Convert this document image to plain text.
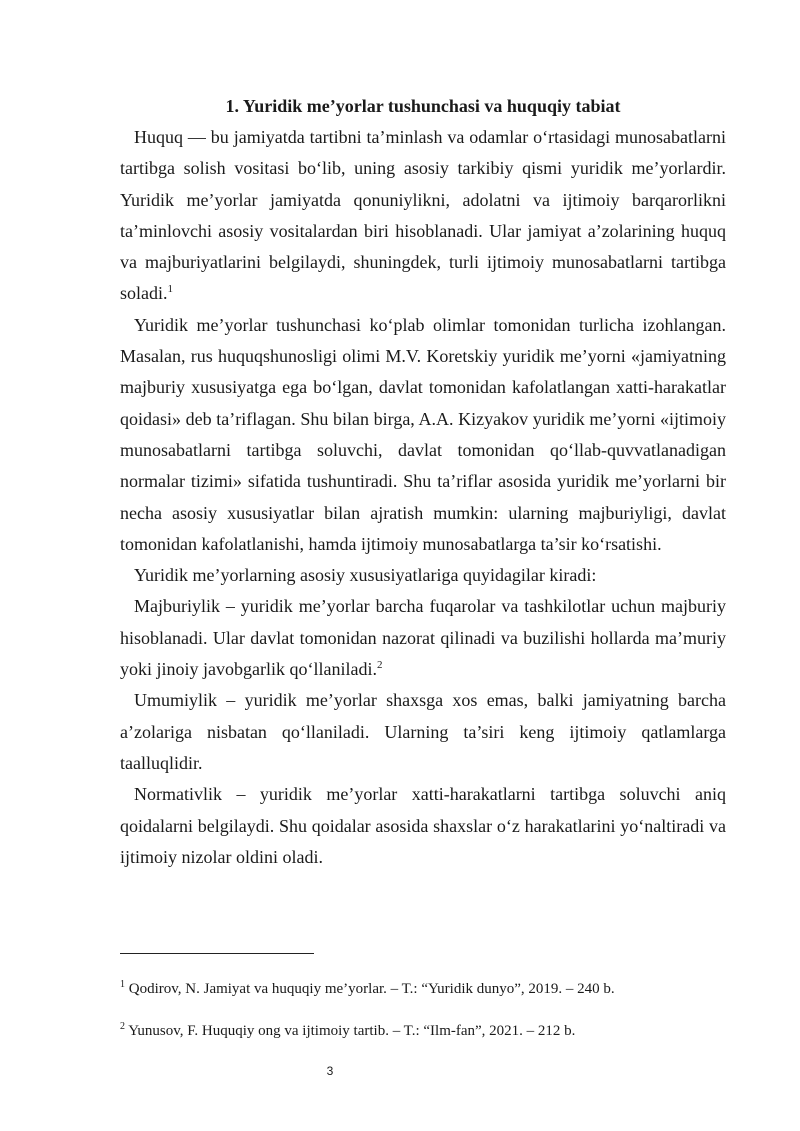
1. Yuridik me’yorlar tushunchasi va huquqiy tabiat

Huquq — bu jamiyatda tartibni ta’minlash va odamlar o‘rtasidagi munosabatlarni tartibga solish vositasi bo‘lib, uning asosiy tarkibiy qismi yuridik me’yorlardir. Yuridik me’yorlar jamiyatda qonuniylikni, adolatni va ijtimoiy barqarorlikni ta’minlovchi asosiy vositalardan biri hisoblanadi. Ular jamiyat a’zolarining huquq va majburiyatlarini belgilaydi, shuningdek, turli ijtimoiy munosabatlarni tartibga soladi.$^1$

Yuridik me’yorlar tushunchasi ko‘plab olimlar tomonidan turlicha izohlangan. Masalan, rus huquqshunosligi olimi M.V. Koretskiy yuridik me’yorni «jamiyatning majburiy xususiyatga ega bo‘lgan, davlat tomonidan kafolatlangan xatti-harakatlar qoidasi» deb ta’riflagan. Shu bilan birga, A.A. Kizyakov yuridik me’yorni «ijtimoiy munosabatlarni tartibga soluvchi, davlat tomonidan qo‘llab-quvvatlanadigan normalar tizimi» sifatida tushuntiradi. Shu ta’riflar asosida yuridik me’yorlarni bir necha asosiy xususiyatlar bilan ajratish mumkin: ularning majburiyligi, davlat tomonidan kafolatlanishi, hamda ijtimoiy munosabatlarga ta’sir ko‘rsatishi.

Yuridik me’yorlarning asosiy xususiyatlariga quyidagilar kiradi:

Majburiylik – yuridik me’yorlar barcha fuqarolar va tashkilotlar uchun majburiy hisoblanadi. Ular davlat tomonidan nazorat qilinadi va buzilishi hollarda ma’muriy yoki jinoiy javobgarlik qo‘llaniladi.$^2$

Umumiylik – yuridik me’yorlar shaxsga xos emas, balki jamiyatning barcha a’zolariga nisbatan qo‘llaniladi. Ularning ta’siri keng ijtimoiy qatlamlarga taalluqlidir.

Normativlik – yuridik me’yorlar xatti-harakatlarni tartibga soluvchi aniq qoidalarni belgilaydi. Shu qoidalar asosida shaxslar o‘z harakatlarini yo‘naltiradi va ijtimoiy nizolar oldini oladi.

$^1$ Qodirov, N. Jamiyat va huquqiy me’yorlar. – T.: “Yuridik dunyo”, 2019. – 240 b.
$^2$ Yunusov, F. Huquqiy ong va ijtimoiy tartib. – T.: “Ilm-fan”, 2021. – 212 b.
3
